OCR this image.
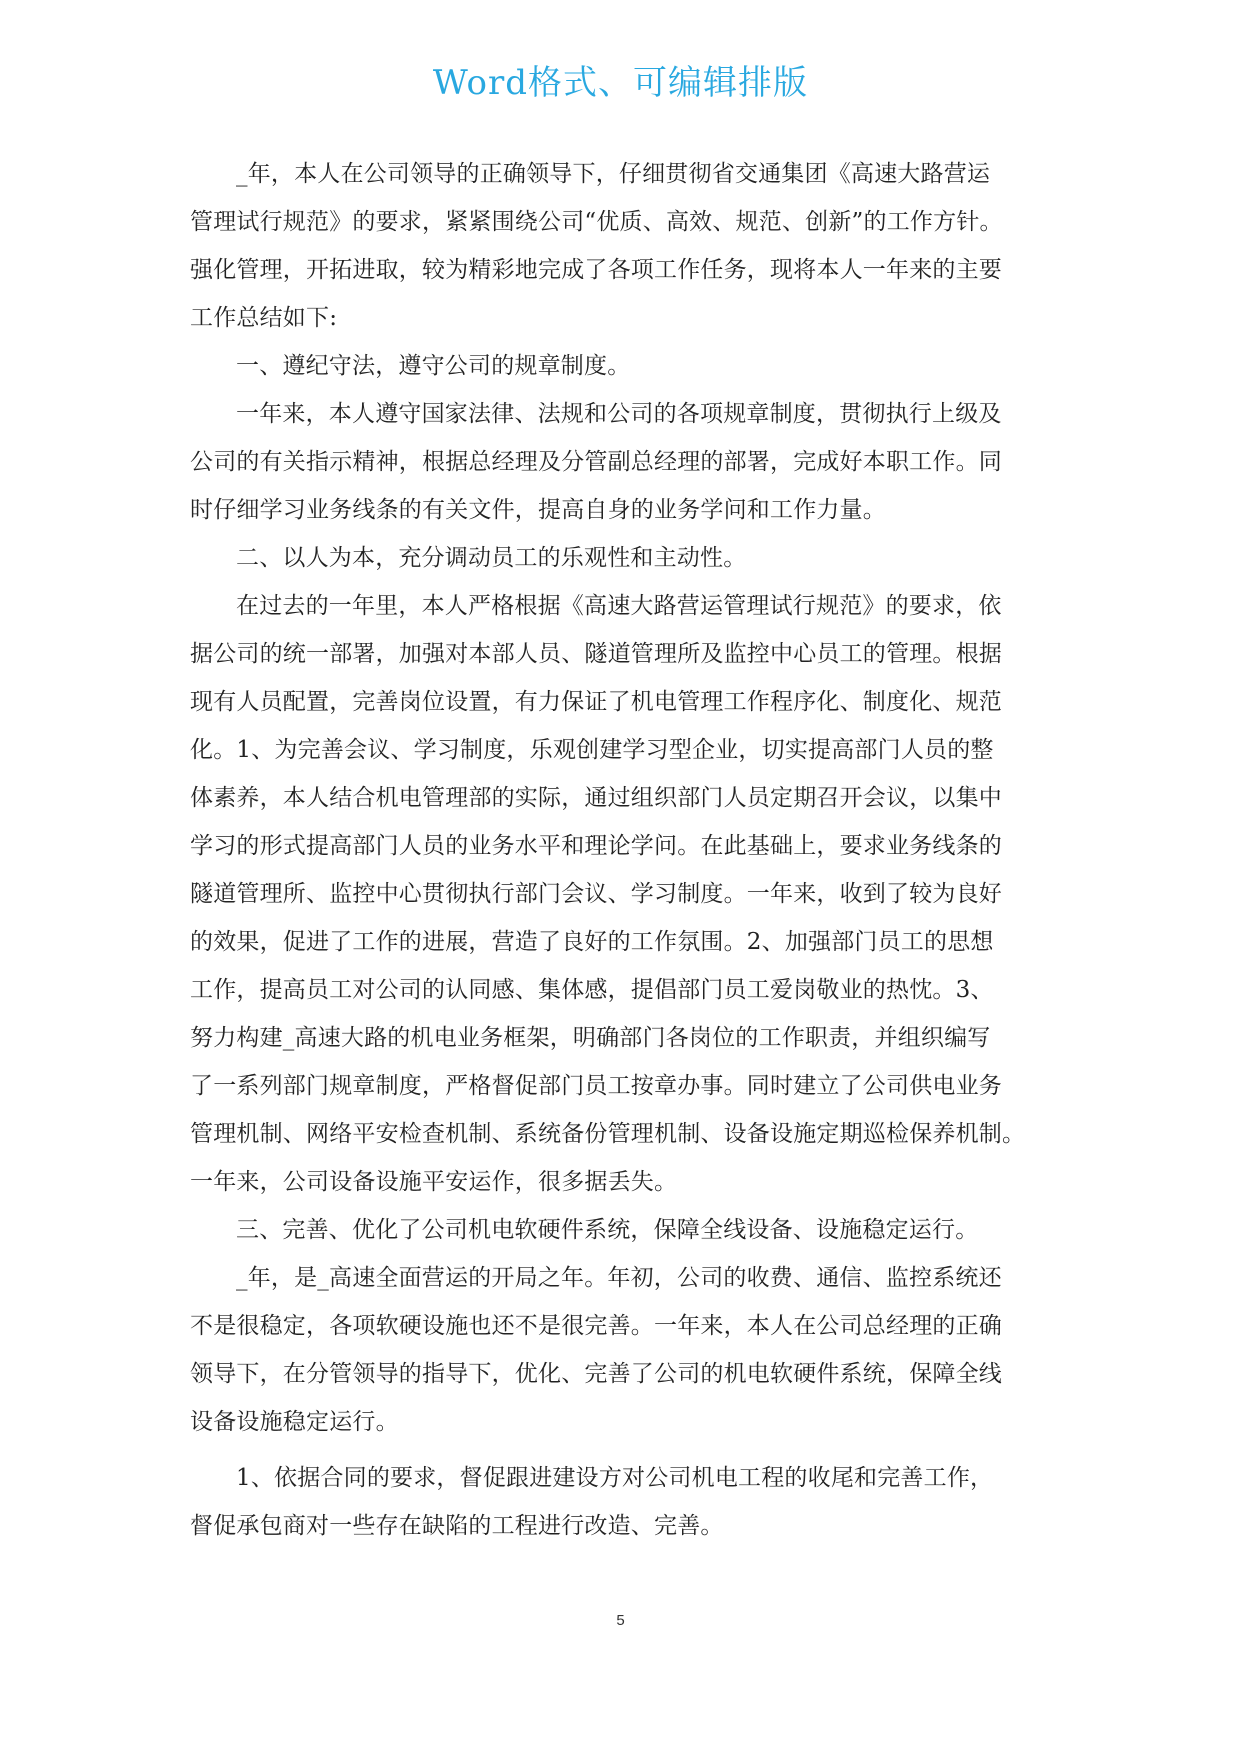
Word格式、可编辑排版
_年，本人在公司领导的正确领导下，仔细贯彻省交通集团《高速大路营运
管理试行规范》的要求，紧紧围绕公司“优质、高效、规范、创新”的工作方针。
强化管理，开拓进取，较为精彩地完成了各项工作任务，现将本人一年来的主要
工作总结如下:
一、遵纪守法，遵守公司的规章制度。
一年来，本人遵守国家法律、法规和公司的各项规章制度，贯彻执行上级及
公司的有关指示精神，根据总经理及分管副总经理的部署，完成好本职工作。同
时仔细学习业务线条的有关文件，提高自身的业务学问和工作力量。
二、以人为本，充分调动员工的乐观性和主动性。
在过去的一年里，本人严格根据《高速大路营运管理试行规范》的要求，依
据公司的统一部署，加强对本部人员、隧道管理所及监控中心员工的管理。根据
现有人员配置，完善岗位设置，有力保证了机电管理工作程序化、制度化、规范
化。1、为完善会议、学习制度，乐观创建学习型企业，切实提高部门人员的整
体素养，本人结合机电管理部的实际，通过组织部门人员定期召开会议，以集中
学习的形式提高部门人员的业务水平和理论学问。在此基础上，要求业务线条的
隧道管理所、监控中心贯彻执行部门会议、学习制度。一年来，收到了较为良好
的效果，促进了工作的进展，营造了良好的工作氛围。2、加强部门员工的思想
工作，提高员工对公司的认同感、集体感，提倡部门员工爱岗敬业的热忱。3、
努力构建_高速大路的机电业务框架，明确部门各岗位的工作职责，并组织编写
了一系列部门规章制度，严格督促部门员工按章办事。同时建立了公司供电业务
管理机制、网络平安检查机制、系统备份管理机制、设备设施定期巡检保养机制。
一年来，公司设备设施平安运作，很多据丢失。
三、完善、优化了公司机电软硬件系统，保障全线设备、设施稳定运行。
_年，是_高速全面营运的开局之年。年初，公司的收费、通信、监控系统还
不是很稳定，各项软硬设施也还不是很完善。一年来，本人在公司总经理的正确
领导下，在分管领导的指导下，优化、完善了公司的机电软硬件系统，保障全线
设备设施稳定运行。
1、依据合同的要求，督促跟进建设方对公司机电工程的收尾和完善工作，
督促承包商对一些存在缺陷的工程进行改造、完善。
5
